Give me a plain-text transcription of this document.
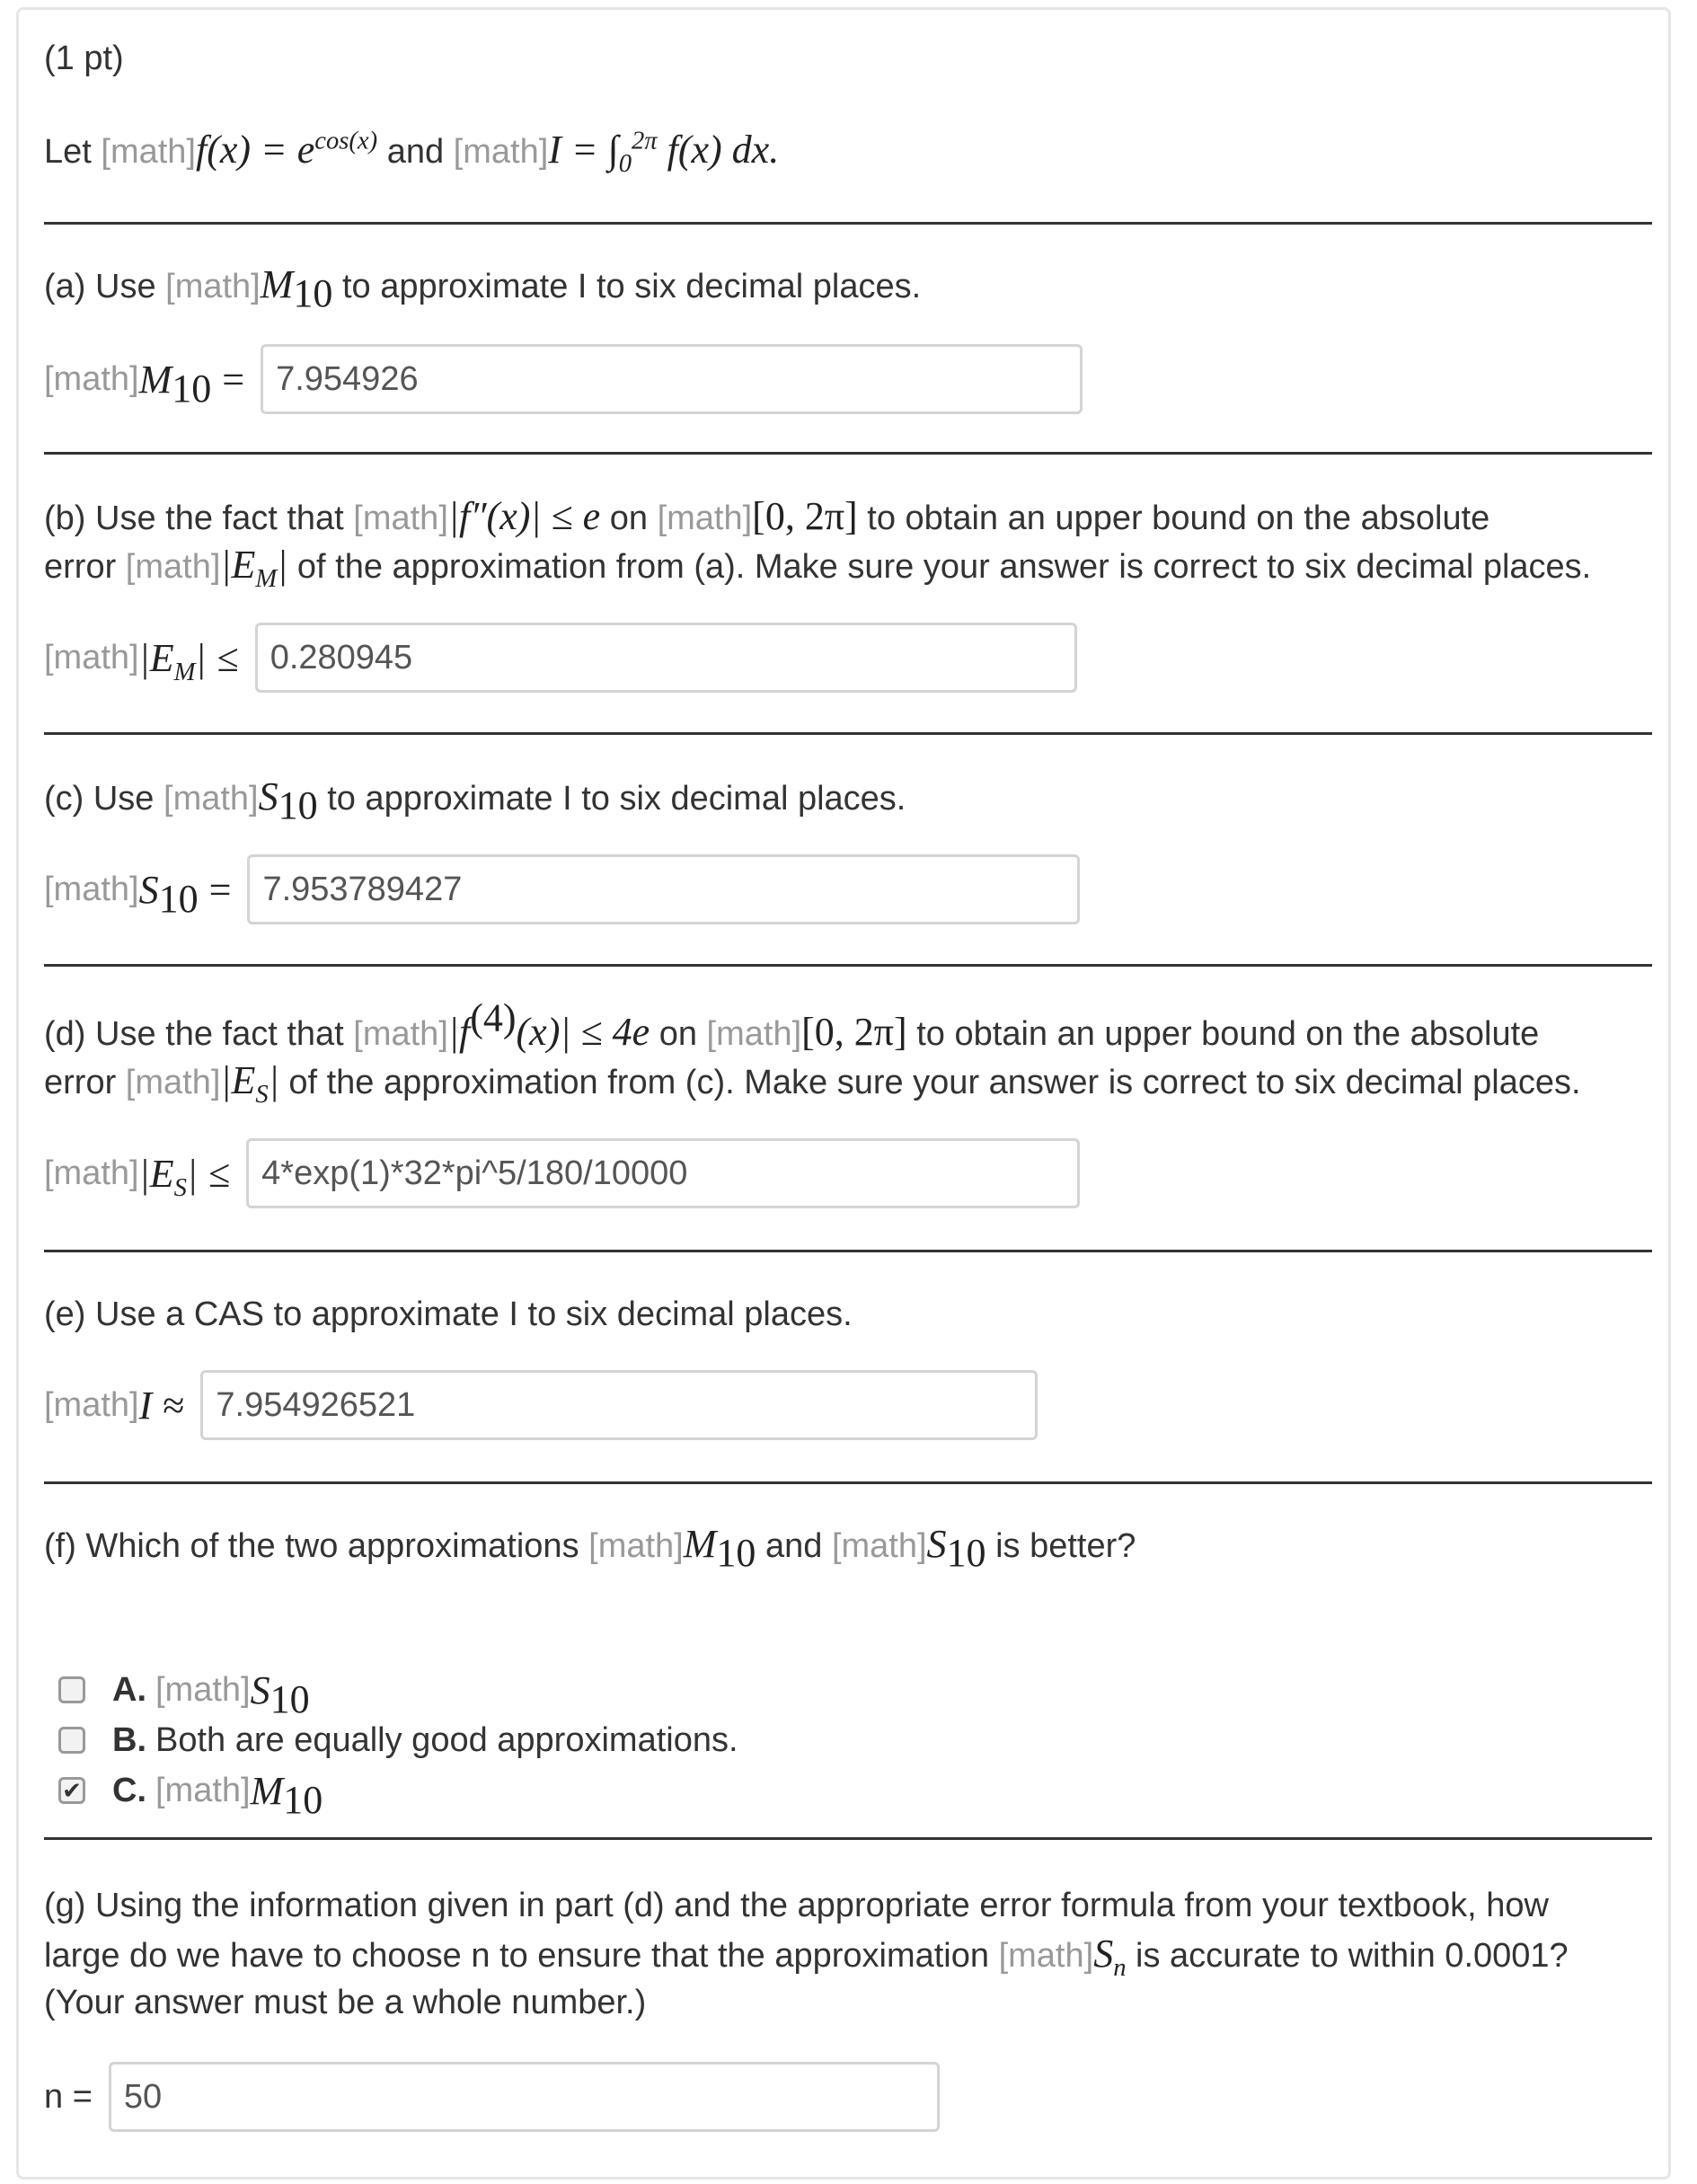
(1 pt)
Let [math]f(x) = $e^{cos(x)}$ and [math]I = $\int_0^{2\pi}$ f(x) dx.
(a) Use $[math]M_{10}$ to approximate I to six decimal places.
[math] $M_{10}$ =
7.954926
(b) Use the fact that [math]|f″(x)| ≤ e on [math][0, 2π] to obtain an upper bound on the absolute
error $[math]|E_M|$ of the approximation from (a). Make sure your answer is correct to six decimal places.
[math] $|E_M|$ ≤
0.280945
(c) Use $[math]S_{10}$ to approximate I to six decimal places.
[math] $S_{10}$ =
7.953789427
(d) Use the fact that $[math]|f^{(4)}(x)| \le 4e$ on [math][0, 2π] to obtain an upper bound on the absolute
error $[math]|E_S|$ of the approximation from (c). Make sure your answer is correct to six decimal places.
[math] $|E_S|$ ≤
4*exp(1)*32*pi^5/180/10000
(e) Use a CAS to approximate I to six decimal places.
[math] I ≈
7.954926521
(f) Which of the two approximations $[math]M_{10}$ and $[math]S_{10}$ is better?
A. [math] $S_{10}$
B. Both are equally good approximations.
✔ C. [math] $M_{10}$
(g) Using the information given in part (d) and the appropriate error formula from your textbook, how
large do we have to choose n to ensure that the approximation $[math]S_n$ is accurate to within 0.0001?
(Your answer must be a whole number.)
n =
50
